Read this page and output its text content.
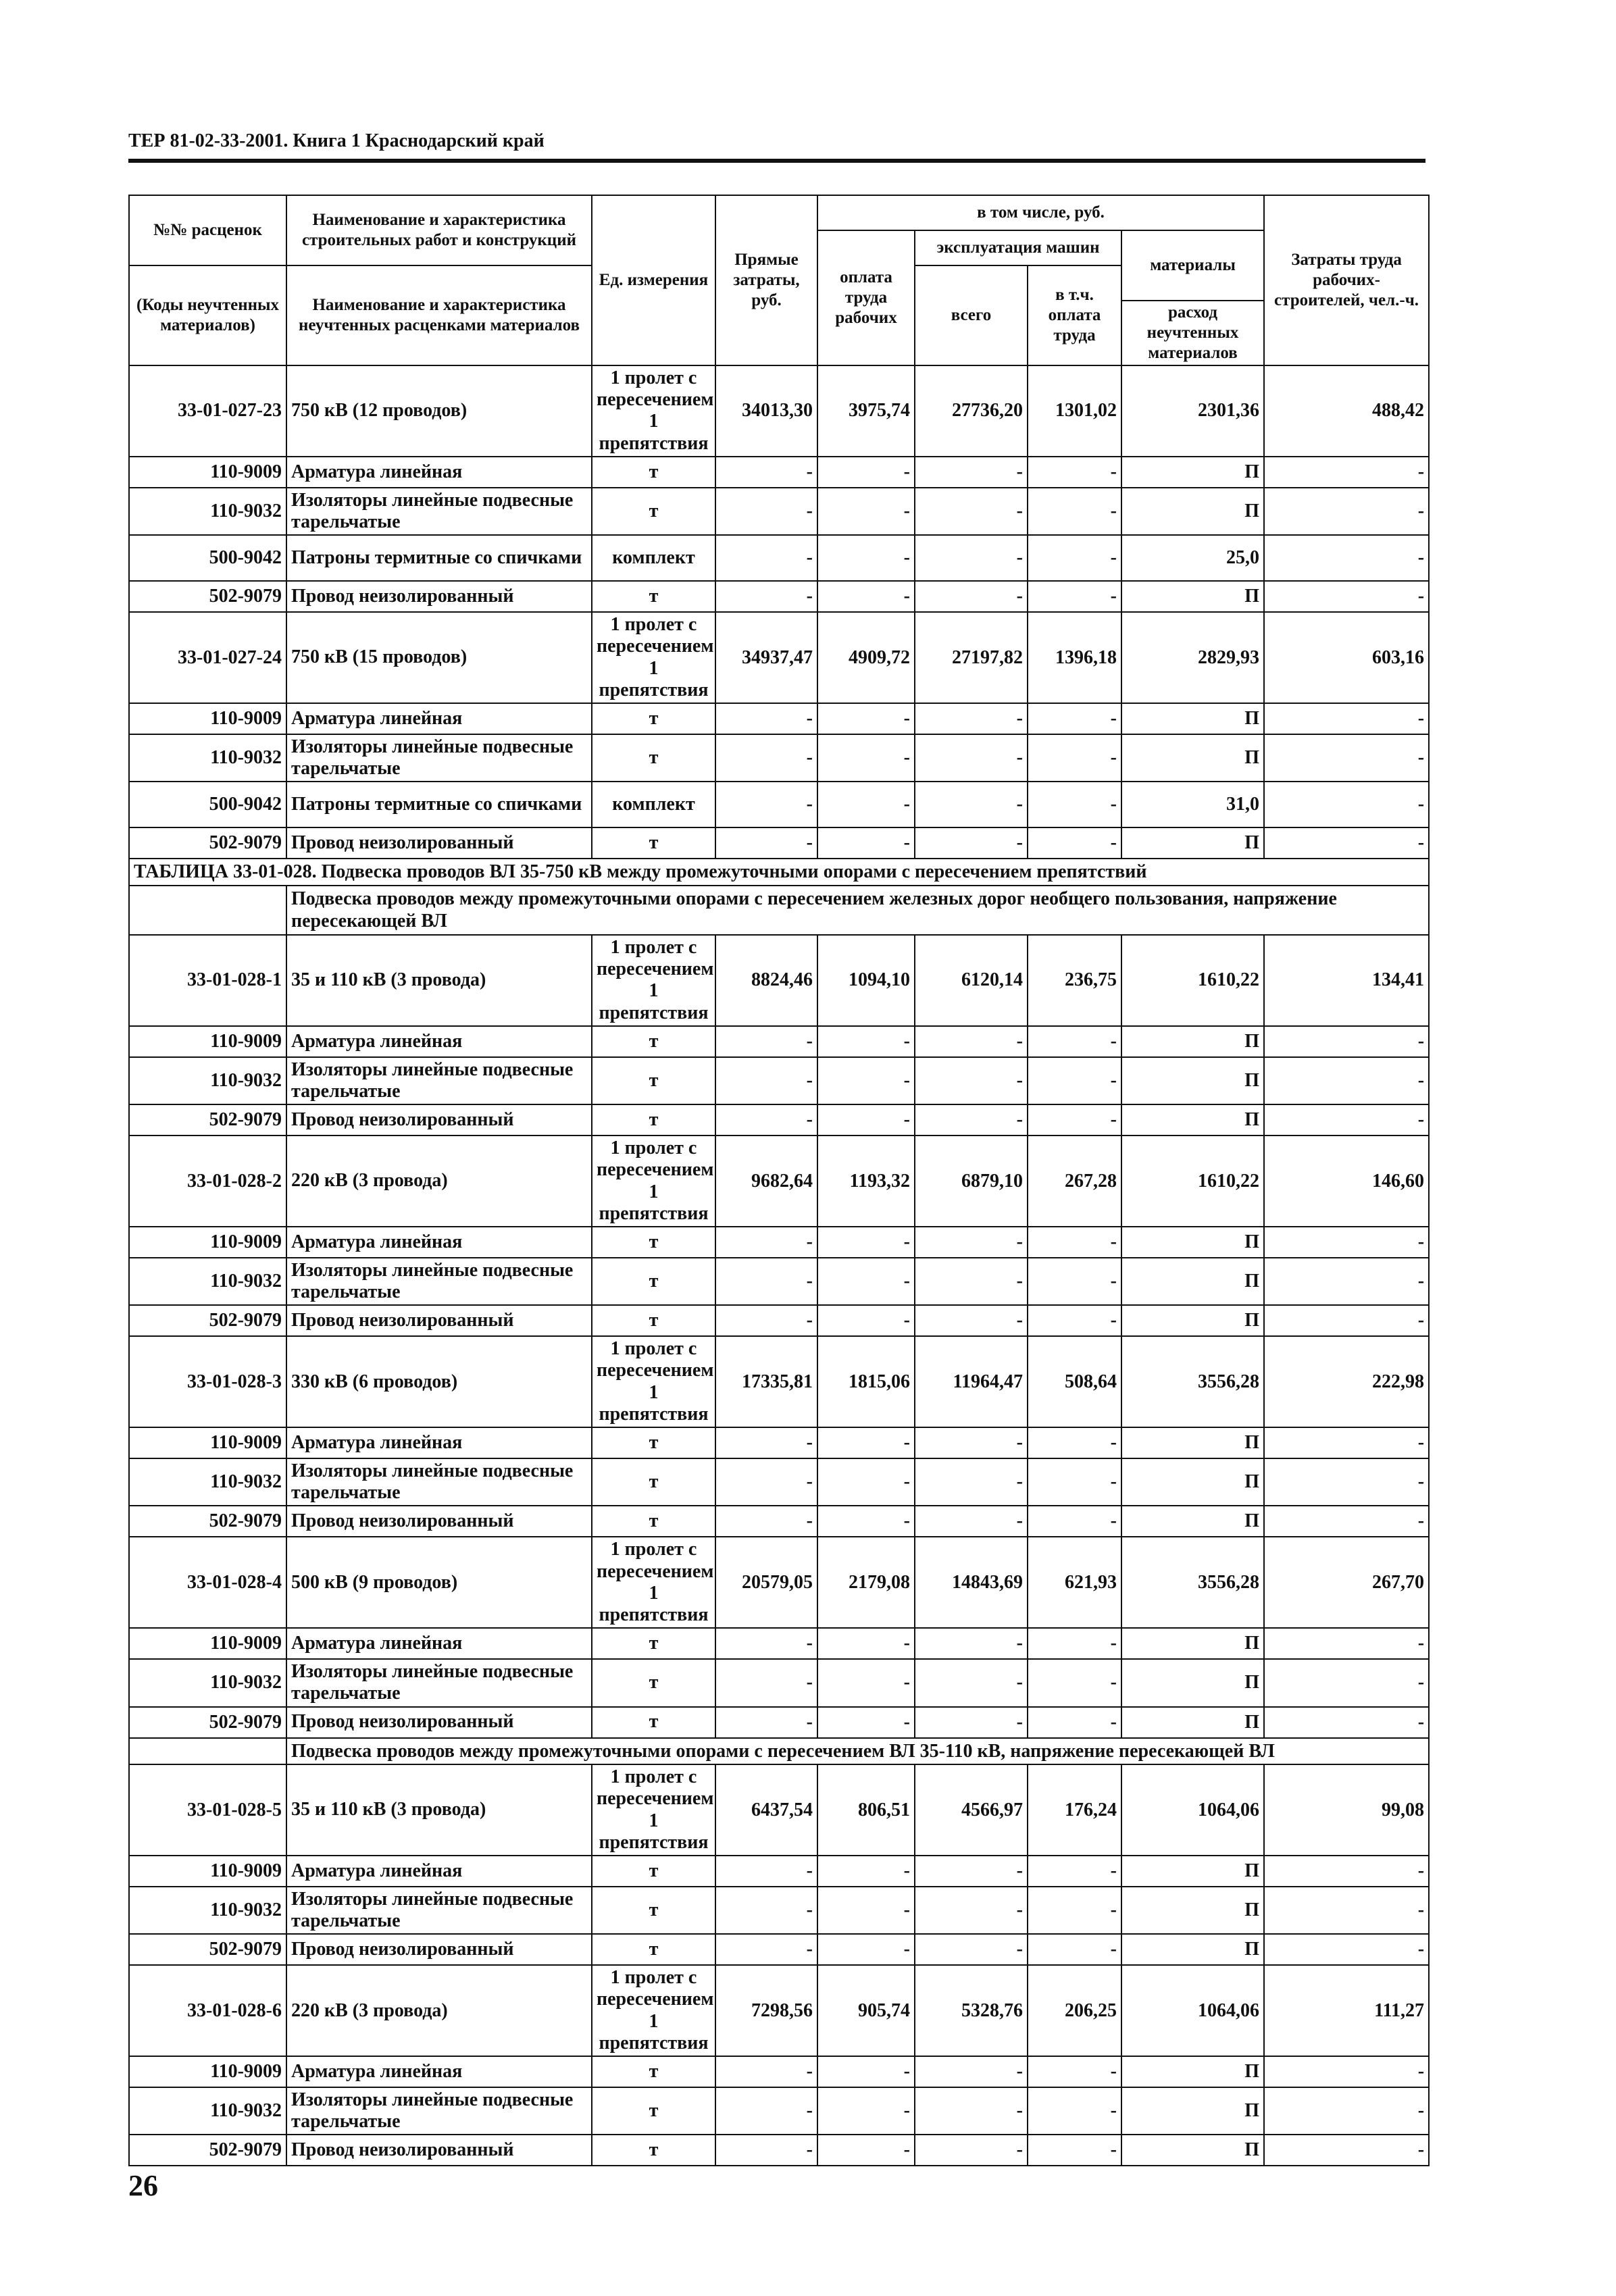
ТЕР 81-02-33-2001. Книга 1 Краснодарский край
№№ расценок	Наименование и характеристика строительных работ и конструкций	Ед. измерения	Прямые затраты, руб.	в том числе, руб.				Затраты труда рабочих-строителей, чел.-ч.
				оплата труда рабочих	эксплуатация машин		материалы	
(Коды неучтенных материалов)	Наименование и характеристика неучтенных расценками материалов				всего	в т.ч. оплата труда		
							расход неучтенных материалов	
33-01-027-23	750 кВ (12 проводов)	1 пролет с пересечением 1 препятствия	34013,30	3975,74	27736,20	1301,02	2301,36	488,42
110-9009	Арматура линейная	т	-	-	-	-	П	-
110-9032	Изоляторы линейные подвесные тарельчатые	т	-	-	-	-	П	-
500-9042	Патроны термитные со спичками	комплект	-	-	-	-	25,0	-
502-9079	Провод неизолированный	т	-	-	-	-	П	-
33-01-027-24	750 кВ (15 проводов)	1 пролет с пересечением 1 препятствия	34937,47	4909,72	27197,82	1396,18	2829,93	603,16
110-9009	Арматура линейная	т	-	-	-	-	П	-
110-9032	Изоляторы линейные подвесные тарельчатые	т	-	-	-	-	П	-
500-9042	Патроны термитные со спичками	комплект	-	-	-	-	31,0	-
502-9079	Провод неизолированный	т	-	-	-	-	П	-
ТАБЛИЦА 33-01-028. Подвеска проводов ВЛ 35-750 кВ между промежуточными опорами с пересечением препятствий								
	Подвеска проводов между промежуточными опорами с пересечением железных дорог необщего пользования, напряжение пересекающей ВЛ							
33-01-028-1	35 и 110 кВ (3 провода)	1 пролет с пересечением 1 препятствия	8824,46	1094,10	6120,14	236,75	1610,22	134,41
110-9009	Арматура линейная	т	-	-	-	-	П	-
110-9032	Изоляторы линейные подвесные тарельчатые	т	-	-	-	-	П	-
502-9079	Провод неизолированный	т	-	-	-	-	П	-
33-01-028-2	220 кВ (3 провода)	1 пролет с пересечением 1 препятствия	9682,64	1193,32	6879,10	267,28	1610,22	146,60
110-9009	Арматура линейная	т	-	-	-	-	П	-
110-9032	Изоляторы линейные подвесные тарельчатые	т	-	-	-	-	П	-
502-9079	Провод неизолированный	т	-	-	-	-	П	-
33-01-028-3	330 кВ (6 проводов)	1 пролет с пересечением 1 препятствия	17335,81	1815,06	11964,47	508,64	3556,28	222,98
110-9009	Арматура линейная	т	-	-	-	-	П	-
110-9032	Изоляторы линейные подвесные тарельчатые	т	-	-	-	-	П	-
502-9079	Провод неизолированный	т	-	-	-	-	П	-
33-01-028-4	500 кВ (9 проводов)	1 пролет с пересечением 1 препятствия	20579,05	2179,08	14843,69	621,93	3556,28	267,70
110-9009	Арматура линейная	т	-	-	-	-	П	-
110-9032	Изоляторы линейные подвесные тарельчатые	т	-	-	-	-	П	-
502-9079	Провод неизолированный	т	-	-	-	-	П	-
	Подвеска проводов между промежуточными опорами с пересечением ВЛ 35-110 кВ, напряжение пересекающей ВЛ							
33-01-028-5	35 и 110 кВ (3 провода)	1 пролет с пересечением 1 препятствия	6437,54	806,51	4566,97	176,24	1064,06	99,08
110-9009	Арматура линейная	т	-	-	-	-	П	-
110-9032	Изоляторы линейные подвесные тарельчатые	т	-	-	-	-	П	-
502-9079	Провод неизолированный	т	-	-	-	-	П	-
33-01-028-6	220 кВ (3 провода)	1 пролет с пересечением 1 препятствия	7298,56	905,74	5328,76	206,25	1064,06	111,27
110-9009	Арматура линейная	т	-	-	-	-	П	-
110-9032	Изоляторы линейные подвесные тарельчатые	т	-	-	-	-	П	-
502-9079	Провод неизолированный	т	-	-	-	-	П	-
26
